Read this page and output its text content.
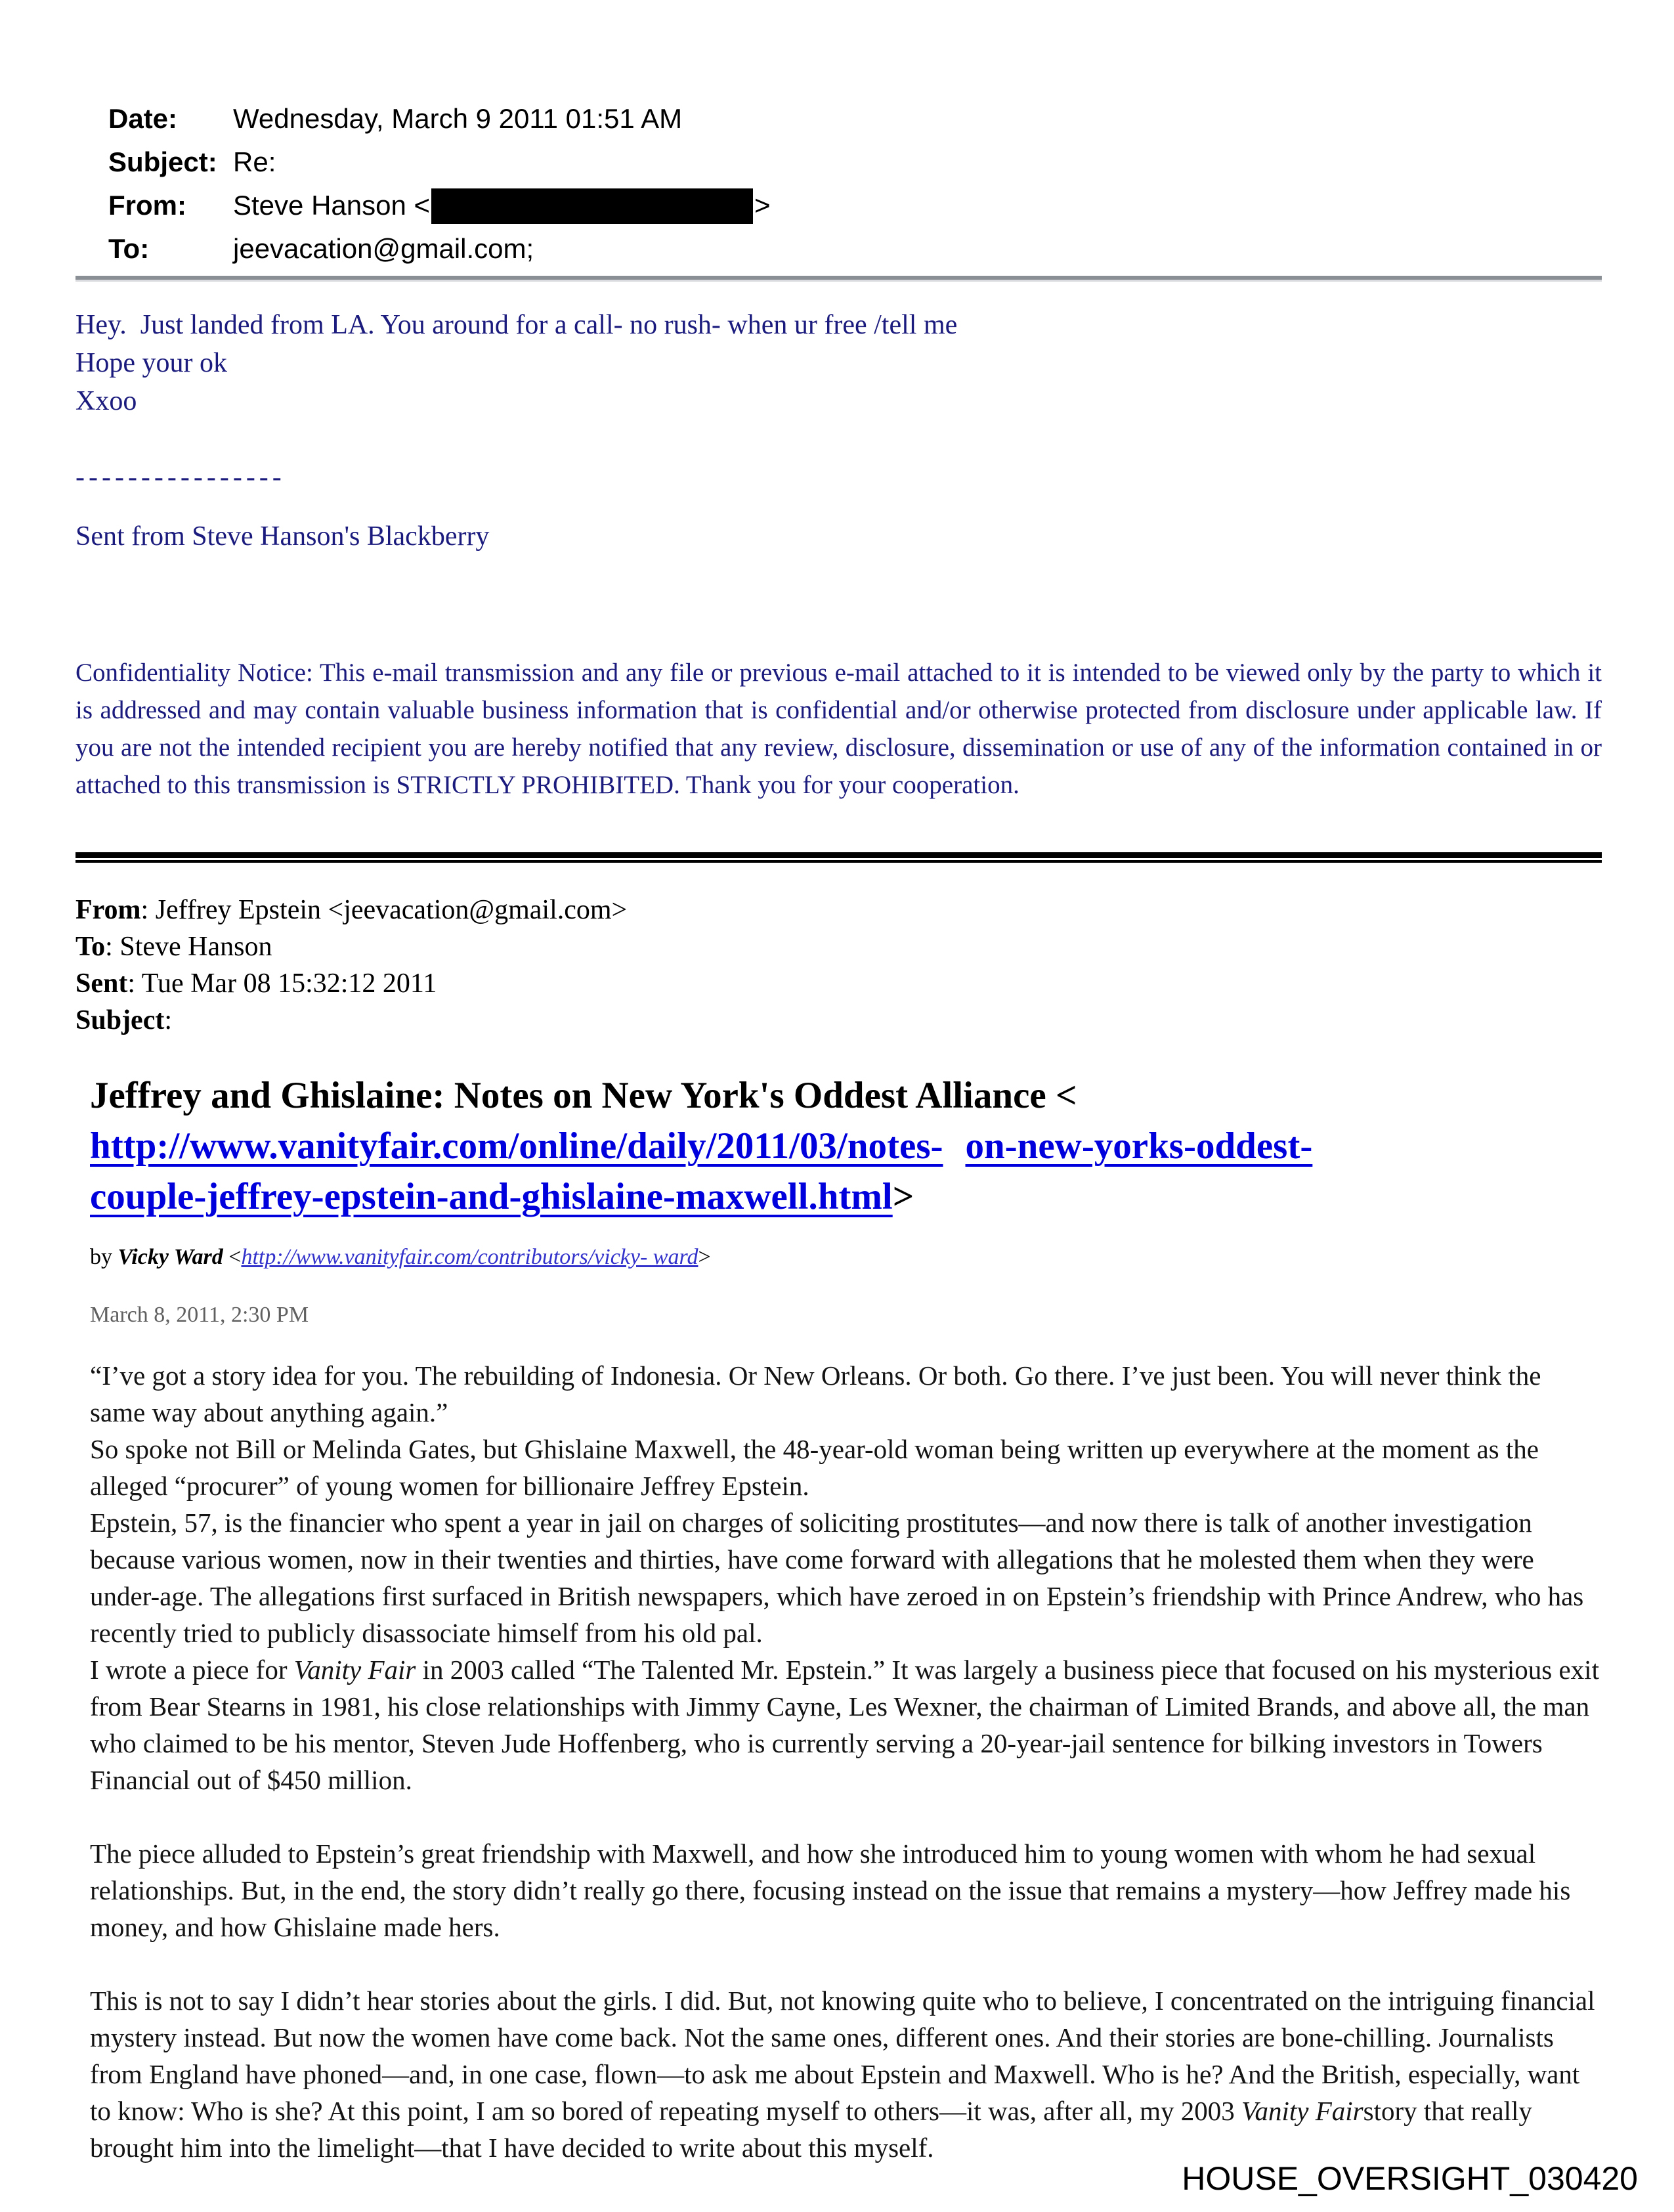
Date:	Wednesday, March 9 2011 01:51 AM
Subject: Re:
From:	Steve Hanson <	>
To:	jeevacation@gmail.com;
Hey.  Just landed from LA. You around for a call- no rush- when ur free /tell me
Hope your ok
Xxoo
----------------
Sent from Steve Hanson's Blackberry

Confidentiality Notice: This e-mail transmission and any file or previous e-mail attached to it is intended to be viewed only by the party to which it is addressed and may contain valuable business information that is confidential and/or otherwise protected from disclosure under applicable law. If you are not the intended recipient you are hereby notified that any review, disclosure, dissemination or use of any of the information contained in or attached to this transmission is STRICTLY PROHIBITED. Thank you for your cooperation.

From: Jeffrey Epstein <jeevacation@gmail.com>
To: Steve Hanson
Sent: Tue Mar 08 15:32:12 2011
Subject:
Jeffrey and Ghislaine: Notes on New York's Oddest Alliance <
http://www.vanityfair.com/online/daily/2011/03/notes- on-new-yorks-oddest-
couple-jeffrey-epstein-and-ghislaine-maxwell.html>
by Vicky Ward <http://www.vanityfair.com/contributors/vicky- ward>
March 8, 2011, 2:30 PM

“I’ve got a story idea for you. The rebuilding of Indonesia. Or New Orleans. Or both. Go there. I’ve just been. You will never think the same way about anything again.”

So spoke not Bill or Melinda Gates, but Ghislaine Maxwell, the 48-year-old woman being written up everywhere at the moment as the alleged “procurer” of young women for billionaire Jeffrey Epstein.

Epstein, 57, is the financier who spent a year in jail on charges of soliciting prostitutes—and now there is talk of another investigation because various women, now in their twenties and thirties, have come forward with allegations that he molested them when they were under-age. The allegations first surfaced in British newspapers, which have zeroed in on Epstein’s friendship with Prince Andrew, who has recently tried to publicly disassociate himself from his old pal.

I wrote a piece for Vanity Fair in 2003 called “The Talented Mr. Epstein.” It was largely a business piece that focused on his mysterious exit from Bear Stearns in 1981, his close relationships with Jimmy Cayne, Les Wexner, the chairman of Limited Brands, and above all, the man who claimed to be his mentor, Steven Jude Hoffenberg, who is currently serving a 20-year-jail sentence for bilking investors in Towers Financial out of $450 million.

The piece alluded to Epstein’s great friendship with Maxwell, and how she introduced him to young women with whom he had sexual relationships. But, in the end, the story didn’t really go there, focusing instead on the issue that remains a mystery—how Jeffrey made his money, and how Ghislaine made hers.

This is not to say I didn’t hear stories about the girls. I did. But, not knowing quite who to believe, I concentrated on the intriguing financial mystery instead. But now the women have come back. Not the same ones, different ones. And their stories are bone-chilling. Journalists from England have phoned—and, in one case, flown—to ask me about Epstein and Maxwell. Who is he? And the British, especially, want to know: Who is she? At this point, I am so bored of repeating myself to others—it was, after all, my 2003 Vanity Fairstory that really brought him into the limelight—that I have decided to write about this myself.

HOUSE_OVERSIGHT_030420
